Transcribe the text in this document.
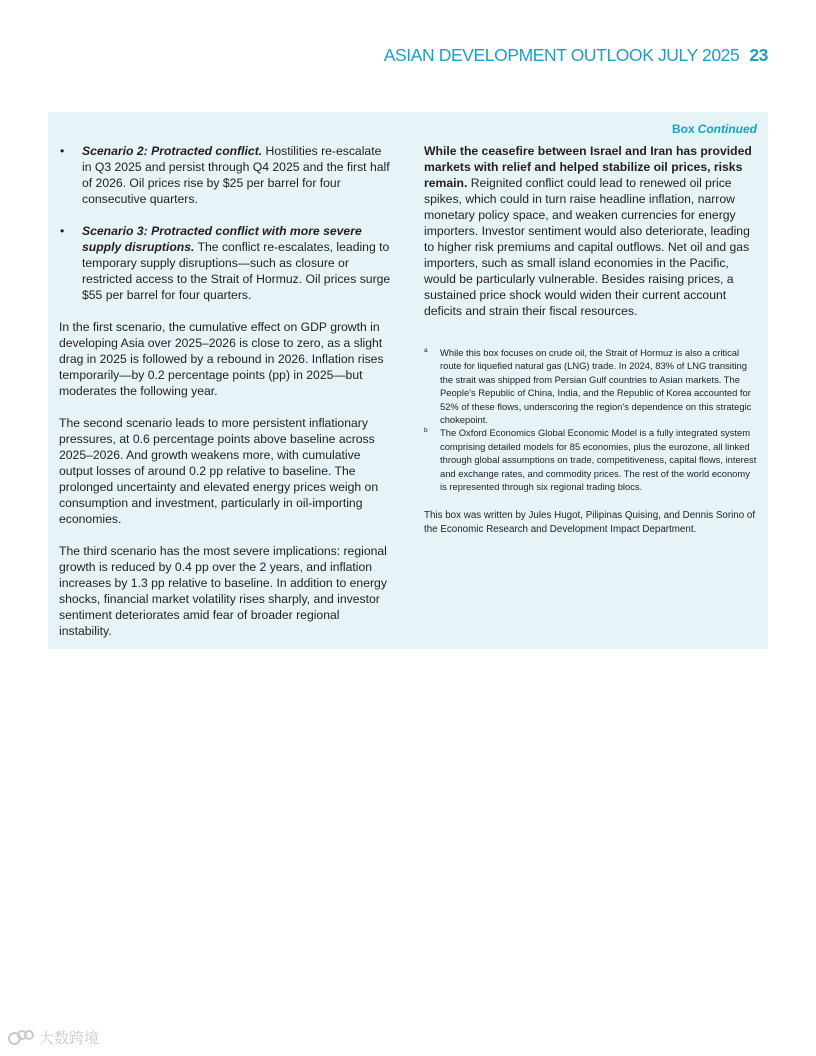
ASIAN DEVELOPMENT OUTLOOK JULY 2025 23
Box Continued
• Scenario 2: Protracted conflict. Hostilities re-escalate in Q3 2025 and persist through Q4 2025 and the first half of 2026. Oil prices rise by $25 per barrel for four consecutive quarters.
• Scenario 3: Protracted conflict with more severe supply disruptions. The conflict re-escalates, leading to temporary supply disruptions—such as closure or restricted access to the Strait of Hormuz. Oil prices surge $55 per barrel for four quarters.

In the first scenario, the cumulative effect on GDP growth in developing Asia over 2025–2026 is close to zero, as a slight drag in 2025 is followed by a rebound in 2026. Inflation rises temporarily—by 0.2 percentage points (pp) in 2025—but moderates the following year.

The second scenario leads to more persistent inflationary pressures, at 0.6 percentage points above baseline across 2025–2026. And growth weakens more, with cumulative output losses of around 0.2 pp relative to baseline. The prolonged uncertainty and elevated energy prices weigh on consumption and investment, particularly in oil-importing economies.

The third scenario has the most severe implications: regional growth is reduced by 0.4 pp over the 2 years, and inflation increases by 1.3 pp relative to baseline. In addition to energy shocks, financial market volatility rises sharply, and investor sentiment deteriorates amid fear of broader regional instability.

While the ceasefire between Israel and Iran has provided markets with relief and helped stabilize oil prices, risks remain. Reignited conflict could lead to renewed oil price spikes, which could in turn raise headline inflation, narrow monetary policy space, and weaken currencies for energy importers. Investor sentiment would also deteriorate, leading to higher risk premiums and capital outflows. Net oil and gas importers, such as small island economies in the Pacific, would be particularly vulnerable. Besides raising prices, a sustained price shock would widen their current account deficits and strain their fiscal resources.

a While this box focuses on crude oil, the Strait of Hormuz is also a critical route for liquefied natural gas (LNG) trade. In 2024, 83% of LNG transiting the strait was shipped from Persian Gulf countries to Asian markets. The People's Republic of China, India, and the Republic of Korea accounted for 52% of these flows, underscoring the region's dependence on this strategic chokepoint.
b The Oxford Economics Global Economic Model is a fully integrated system comprising detailed models for 85 economies, plus the eurozone, all linked through global assumptions on trade, competitiveness, capital flows, interest and exchange rates, and commodity prices. The rest of the world economy is represented through six regional trading blocs.

This box was written by Jules Hugot, Pilipinas Quising, and Dennis Sorino of the Economic Research and Development Impact Department.

大数跨境
